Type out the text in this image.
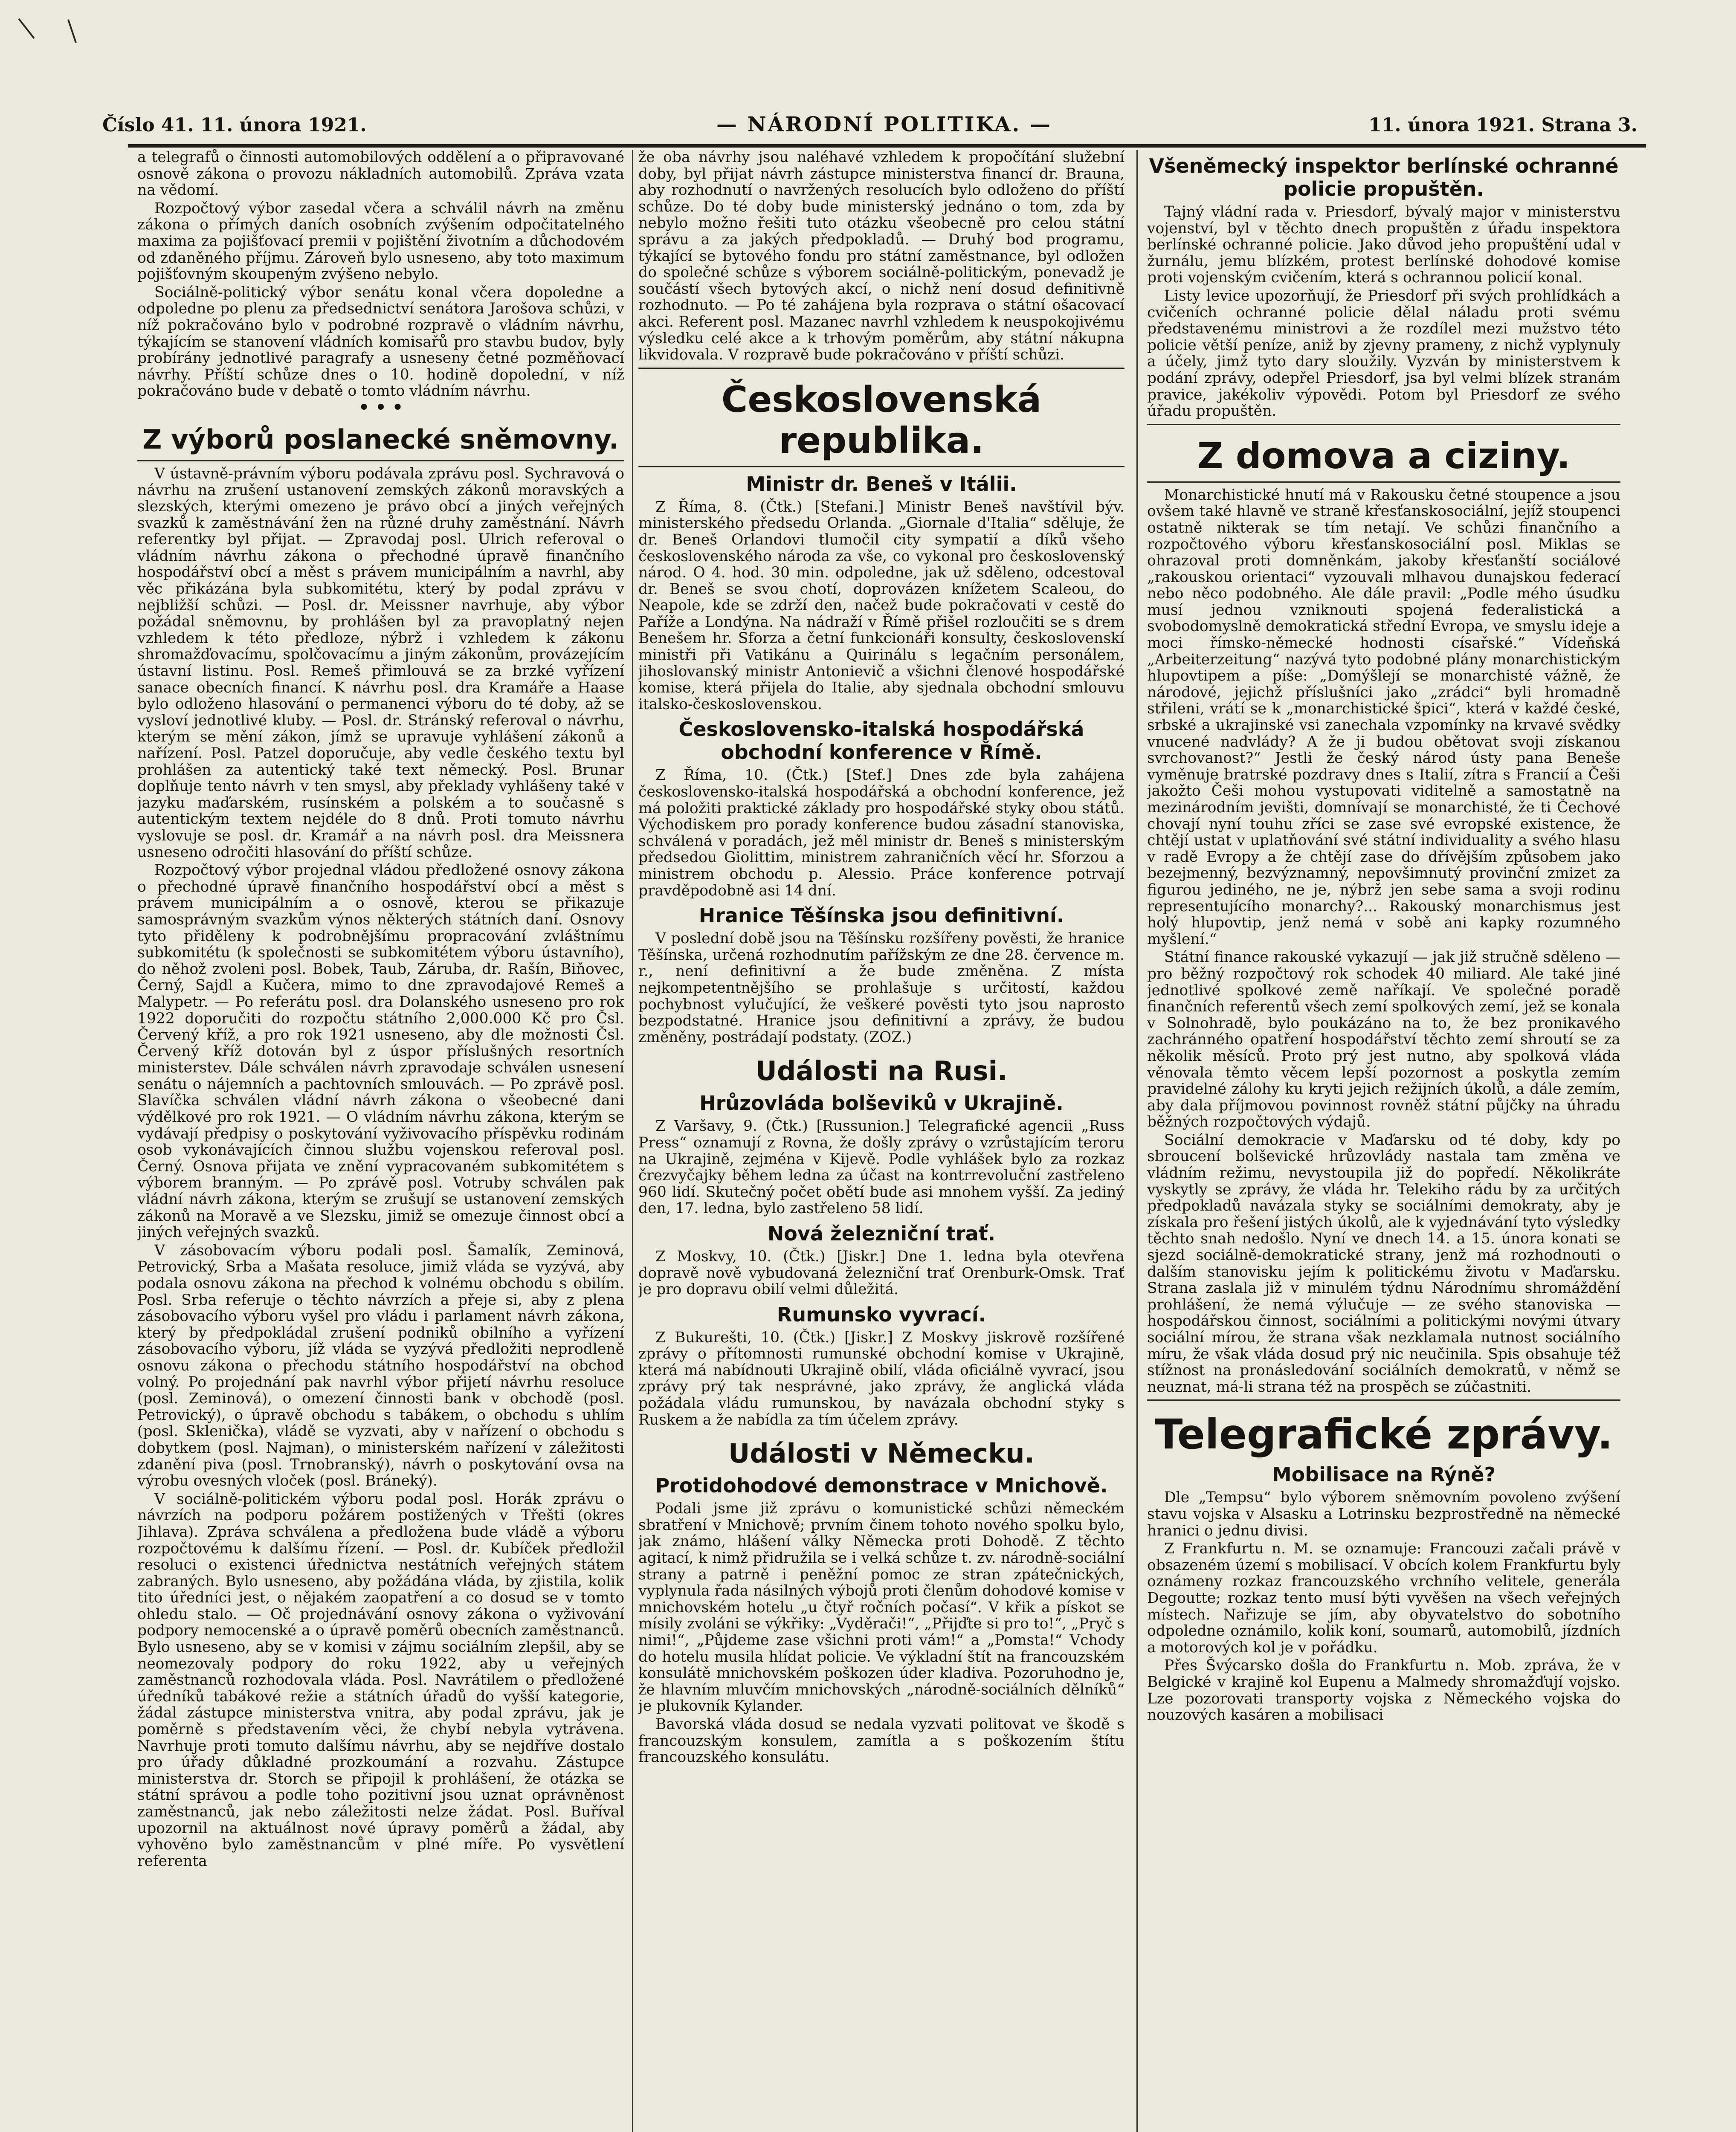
Číslo 41. 11. února 1921.	— NÁRODNÍ POLITIKA. —	11. února 1921. Strana 3.

a telegrafů o činnosti automobilových oddělení a o připravované osnově zákona o provozu nákladních automobilů. Zpráva vzata na vědomí.

Rozpočtový výbor zasedal včera a schválil návrh na změnu zákona o přímých daních osobních zvýšením odpočitatelného maxima za pojišťovací premii v pojištění životním a důchodovém od zdaněného příjmu. Zároveň bylo usneseno, aby toto maximum pojišťovným skoupeným zvýšeno nebylo.

Sociálně-politický výbor senátu konal včera dopoledne a odpoledne po plenu za předsednictví senátora Jarošova schůzi, v níž pokračováno bylo v podrobné rozpravě o vládním návrhu, týkajícím se stanovení vládních komisařů pro stavbu budov, byly probírány jednotlivé paragrafy a usneseny četné pozměňovací návrhy. Příští schůze dnes o 10. hodině dopolední, v níž pokračováno bude v debatě o tomto vládním návrhu.

• • •
Z výborů poslanecké sněmovny.

V ústavně-právním výboru podávala zprávu posl. Sychravová o návrhu na zrušení ustanovení zemských zákonů moravských a slezských, kterými omezeno je právo obcí a jiných veřejných svazků k zaměstnávání žen na různé druhy zaměstnání. Návrh referentky byl přijat. — Zpravodaj posl. Ulrich referoval o vládním návrhu zákona o přechodné úpravě finančního hospodářství obcí a měst s právem municipálním a navrhl, aby věc přikázána byla subkomitétu, který by podal zprávu v nejbližší schůzi. — Posl. dr. Meissner navrhuje, aby výbor požádal sněmovnu, by prohlášen byl za pravoplatný nejen vzhledem k této předloze, nýbrž i vzhledem k zákonu shromažďovacímu, spolčovacímu a jiným zákonům, provázejícím ústavní listinu. Posl. Remeš přimlouvá se za brzké vyřízení sanace obecních financí. K návrhu posl. dra Kramáře a Haase bylo odloženo hlasování o permanenci výboru do té doby, až se vysloví jednotlivé kluby. — Posl. dr. Stránský referoval o návrhu, kterým se mění zákon, jímž se upravuje vyhlášení zákonů a nařízení. Posl. Patzel doporučuje, aby vedle českého textu byl prohlášen za autentický také text německý. Posl. Brunar doplňuje tento návrh v ten smysl, aby překlady vyhlášeny také v jazyku maďarském, rusínském a polském a to současně s autentickým textem nejdéle do 8 dnů. Proti tomuto návrhu vyslovuje se posl. dr. Kramář a na návrh posl. dra Meissnera usneseno odročiti hlasování do příští schůze.

Rozpočtový výbor projednal vládou předložené osnovy zákona o přechodné úpravě finančního hospodářství obcí a měst s právem municipálním a o osnově, kterou se přikazuje samosprávným svazkům výnos některých státních daní. Osnovy tyto přiděleny k podrobnějšímu propracování zvláštnímu subkomitétu (k společnosti se subkomitétem výboru ústavního), do něhož zvoleni posl. Bobek, Taub, Záruba, dr. Rašín, Biňovec, Černý, Sajdl a Kučera, mimo to dne zpravodajové Remeš a Malypetr. — Po referátu posl. dra Dolanského usneseno pro rok 1922 doporučiti do rozpočtu státního 2,000.000 Kč pro Čsl. Červený kříž, a pro rok 1921 usneseno, aby dle možnosti Čsl. Červený kříž dotován byl z úspor příslušných resortních ministerstev. Dále schválen návrh zpravodaje schválen usnesení senátu o nájemních a pachtovních smlouvách. — Po zprávě posl. Slavíčka schválen vládní návrh zákona o všeobecné dani výdělkové pro rok 1921. — O vládním návrhu zákona, kterým se vydávají předpisy o poskytování vyživovacího příspěvku rodinám osob vykonávajících činnou službu vojenskou referoval posl. Černý. Osnova přijata ve znění vypracovaném subkomitétem s výborem branným. — Po zprávě posl. Votruby schválen pak vládní návrh zákona, kterým se zrušují se ustanovení zemských zákonů na Moravě a ve Slezsku, jimiž se omezuje činnost obcí a jiných veřejných svazků.

V zásobovacím výboru podali posl. Šamalík, Zeminová, Petrovický, Srba a Mašata resoluce, jimiž vláda se vyzývá, aby podala osnovu zákona na přechod k volnému obchodu s obilím. Posl. Srba referuje o těchto návrzích a přeje si, aby z plena zásobovacího výboru vyšel pro vládu i parlament návrh zákona, který by předpokládal zrušení podniků obilního a vyřízení zásobovacího výboru, jíž vláda se vyzývá předložiti neprodleně osnovu zákona o přechodu státního hospodářství na obchod volný. Po projednání pak navrhl výbor přijetí návrhu resoluce (posl. Zeminová), o omezení činnosti bank v obchodě (posl. Petrovický), o úpravě obchodu s tabákem, o obchodu s uhlím (posl. Sklenička), vládě se vyzvati, aby v nařízení o obchodu s dobytkem (posl. Najman), o ministerském nařízení v záležitosti zdanění piva (posl. Trnobranský), návrh o poskytování ovsa na výrobu ovesných vloček (posl. Bráneký).

V sociálně-politickém výboru podal posl. Horák zprávu o návrzích na podporu požárem postižených v Třešti (okres Jihlava). Zpráva schválena a předložena bude vládě a výboru rozpočtovému k dalšímu řízení. — Posl. dr. Kubíček předložil resoluci o existenci úřednictva nestátních veřejných státem zabraných. Bylo usneseno, aby požádána vláda, by zjistila, kolik tito úředníci jest, o nějakém zaopatření a co dosud se v tomto ohledu stalo. — Oč projednávání osnovy zákona o vyživování podpory nemocenské a o úpravě poměrů obecních zaměstnanců. Bylo usneseno, aby se v komisi v zájmu sociálním zlepšil, aby se neomezovaly podpory do roku 1922, aby u veřejných zaměstnanců rozhodovala vláda. Posl. Navrátilem o předložené úředníků tabákové režie a státních úřadů do vyšší kategorie, žádal zástupce ministerstva vnitra, aby podal zprávu, jak je poměrně s představením věci, že chybí nebyla vytrávena. Navrhuje proti tomuto dalšímu návrhu, aby se nejdříve dostalo pro úřady důkladné prozkoumání a rozvahu. Zástupce ministerstva dr. Storch se připojil k prohlášení, že otázka se státní správou a podle toho pozitivní jsou uznat oprávněnost zaměstnanců, jak nebo záležitosti nelze žádat. Posl. Buříval upozornil na aktuálnost nové úpravy poměrů a žádal, aby vyhověno bylo zaměstnancům v plné míře. Po vysvětlení referenta

že oba návrhy jsou naléhavé vzhledem k propočítání služební doby, byl přijat návrh zástupce ministerstva financí dr. Brauna, aby rozhodnutí o navržených resolucích bylo odloženo do příští schůze. Do té doby bude ministerský jednáno o tom, zda by nebylo možno řešiti tuto otázku všeobecně pro celou státní správu a za jakých předpokladů. — Druhý bod programu, týkající se bytového fondu pro státní zaměstnance, byl odložen do společné schůze s výborem sociálně-politickým, ponevadž je součástí všech bytových akcí, o nichž není dosud definitivně rozhodnuto. — Po té zahájena byla rozprava o státní ošacovací akci. Referent posl. Mazanec navrhl vzhledem k neuspokojivému výsledku celé akce a k trhovým poměrům, aby státní nákupna likvidovala. V rozpravě bude pokračováno v příští schůzi.

Československá republika.
Ministr dr. Beneš v Itálii.

Z Říma, 8. (Čtk.) [Stefani.] Ministr Beneš navštívil býv. ministerského předsedu Orlanda. „Giornale d'Italia“ sděluje, že dr. Beneš Orlandovi tlumočil city sympatií a díků všeho československého národa za vše, co vykonal pro československý národ. O 4. hod. 30 min. odpoledne, jak už sděleno, odcestoval dr. Beneš se svou chotí, doprovázen knížetem Scaleou, do Neapole, kde se zdrží den, načež bude pokračovati v cestě do Paříže a Londýna. Na nádraží v Římě přišel rozloučiti se s drem Benešem hr. Sforza a četní funkcionáři konsulty, československí ministři při Vatikánu a Quirinálu s legačním personálem, jihoslovanský ministr Antonievič a všichni členové hospodářské komise, která přijela do Italie, aby sjednala obchodní smlouvu italsko-československou.

Československo-italská hospodářská obchodní konference v Římě.

Z Říma, 10. (Čtk.) [Stef.] Dnes zde byla zahájena československo-italská hospodářská a obchodní konference, jež má položiti praktické základy pro hospodářské styky obou států. Východiskem pro porady konference budou zásadní stanoviska, schválená v poradách, jež měl ministr dr. Beneš s ministerským předsedou Giolittim, ministrem zahraničních věcí hr. Sforzou a ministrem obchodu p. Alessio. Práce konference potrvají pravděpodobně asi 14 dní.

Hranice Těšínska jsou definitivní.

V poslední době jsou na Těšínsku rozšířeny pověsti, že hranice Těšínska, určená rozhodnutím pařížským ze dne 28. července m. r., není definitivní a že bude změněna. Z místa nejkompetentnějšího se prohlašuje s určitostí, každou pochybnost vylučující, že veškeré pověsti tyto jsou naprosto bezpodstatné. Hranice jsou definitivní a zprávy, že budou změněny, postrádají podstaty. (ZOZ.)

Události na Rusi.
Hrůzovláda bolševiků v Ukrajině.

Z Varšavy, 9. (Čtk.) [Russunion.] Telegrafické agencii „Russ Press“ oznamují z Rovna, že došly zprávy o vzrůstajícím teroru na Ukrajině, zejména v Kijevě. Podle vyhlášek bylo za rozkaz črezvyčajky během ledna za účast na kontrrevoluční zastřeleno 960 lidí. Skutečný počet obětí bude asi mnohem vyšší. Za jediný den, 17. ledna, bylo zastřeleno 58 lidí.

Nová železniční trať.

Z Moskvy, 10. (Čtk.) [Jiskr.] Dne 1. ledna byla otevřena dopravě nově vybudovaná železniční trať Orenburk-Omsk. Trať je pro dopravu obilí velmi důležitá.

Rumunsko vyvrací.

Z Bukurešti, 10. (Čtk.) [Jiskr.] Z Moskvy jiskrově rozšířené zprávy o přítomnosti rumunské obchodní komise v Ukrajině, která má nabídnouti Ukrajině obilí, vláda oficiálně vyvrací, jsou zprávy prý tak nesprávné, jako zprávy, že anglická vláda požádala vládu rumunskou, by navázala obchodní styky s Ruskem a že nabídla za tím účelem zprávy.

Události v Německu.
Protidohodové demonstrace v Mnichově.

Podali jsme již zprávu o komunistické schůzi německém sbratření v Mnichově; prvním činem tohoto nového spolku bylo, jak známo, hlášení války Německa proti Dohodě. Z těchto agitací, k nimž přidružila se i velká schůze t. zv. národně-sociální strany a patrně i peněžní pomoc ze stran zpátečnických, vyplynula řada násilných výbojů proti členům dohodové komise v mnichovském hotelu „u čtyř ročních počasí“. V křik a pískot se mísily zvoláni se výkřiky: „Vyděrači!“, „Přijďte si pro to!“, „Pryč s nimi!“, „Půjdeme zase všichni proti vám!“ a „Pomsta!“ Vchody do hotelu musila hlídat policie. Ve výkladní štít na francouzském konsulátě mnichovském poškozen úder kladiva. Pozoruhodno je, že hlavním mluvčím mnichovských „národně-sociálních dělníků“ je plukovník Kylander.

Bavorská vláda dosud se nedala vyzvati politovat ve škodě s francouzským konsulem, zamítla a s poškozením štítu francouzského konsulátu.

Všeněmecký inspektor berlínské ochranné policie propuštěn.

Tajný vládní rada v. Priesdorf, bývalý major v ministerstvu vojenství, byl v těchto dnech propuštěn z úřadu inspektora berlínské ochranné policie. Jako důvod jeho propuštění udal v žurnálu, jemu blízkém, protest berlínské dohodové komise proti vojenským cvičením, která s ochrannou policií konal.

Listy levice upozorňují, že Priesdorf při svých prohlídkách a cvičeních ochranné policie dělal náladu proti svému představenému ministrovi a že rozdílel mezi mužstvo této policie větší peníze, aniž by zjevny prameny, z nichž vyplynuly a účely, jimž tyto dary sloužily. Vyzván by ministerstvem k podání zprávy, odepřel Priesdorf, jsa byl velmi blízek stranám pravice, jakékoliv výpovědi. Potom byl Priesdorf ze svého úřadu propuštěn.

Z domova a ciziny.

Monarchistické hnutí má v Rakousku četné stoupence a jsou ovšem také hlavně ve straně křesťanskosociální, jejíž stoupenci ostatně nikterak se tím netají. Ve schůzi finančního a rozpočtového výboru křesťanskosociální posl. Miklas se ohrazoval proti domněnkám, jakoby křesťanští sociálové „rakouskou orientaci“ vyzouvali mlhavou dunajskou federací nebo něco podobného. Ale dále pravil: „Podle mého úsudku musí jednou vzniknouti spojená federalistická a svobodomyslně demokratická střední Evropa, ve smyslu ideje a moci římsko-německé hodnosti císařské.“ Vídeňská „Arbeiterzeitung“ nazývá tyto podobné plány monarchistickým hlupovtipem a píše: „Domýšlejí se monarchisté vážně, že národové, jejichž příslušníci jako „zrádci“ byli hromadně střileni, vrátí se k „monarchistické špici“, která v každé české, srbské a ukrajinské vsi zanechala vzpomínky na krvavé svědky vnucené nadvlády? A že ji budou obětovat svoji získanou svrchovanost?“ Jestli že český národ ústy pana Beneše vyměnuje bratrské pozdravy dnes s Italií, zítra s Francií a Češi jakožto Češi mohou vystupovati viditelně a samostatně na mezinárodním jevišti, domnívají se monarchisté, že ti Čechové chovají nyní touhu zříci se zase své evropské existence, že chtějí ustat v uplatňování své státní individuality a svého hlasu v radě Evropy a že chtějí zase do dřívějším způsobem jako bezejmenný, bezvýznamný, nepovšimnutý provinční zmizet za figurou jediného, ne je, nýbrž jen sebe sama a svoji rodinu representujícího monarchy?... Rakouský monarchismus jest holý hlupovtip, jenž nemá v sobě ani kapky rozumného myšlení.“

Státní finance rakouské vykazují — jak již stručně sděleno — pro běžný rozpočtový rok schodek 40 miliard. Ale také jiné jednotlivé spolkové země naříkají. Ve společné poradě finančních referentů všech zemí spolkových zemí, jež se konala v Solnohradě, bylo poukázáno na to, že bez pronikavého zachránného opatření hospodářství těchto zemí shroutí se za několik měsíců. Proto prý jest nutno, aby spolková vláda věnovala těmto věcem lepší pozornost a poskytla zemím pravidelné zálohy ku kryti jejich režijních úkolů, a dále zemím, aby dala příjmovou povinnost rovněž státní půjčky na úhradu běžných rozpočtových výdajů.

Sociální demokracie v Maďarsku od té doby, kdy po sbroucení bolševické hrůzovlády nastala tam změna ve vládním režimu, nevystoupila již do popředí. Několikráte vyskytly se zprávy, že vláda hr. Telekiho rádu by za určitých předpokladů navázala styky se sociálními demokraty, aby je získala pro řešení jistých úkolů, ale k vyjednávání tyto výsledky těchto snah nedošlo. Nyní ve dnech 14. a 15. února konati se sjezd sociálně-demokratické strany, jenž má rozhodnouti o dalším stanovisku jejím k politickému životu v Maďarsku. Strana zaslala již v minulém týdnu Národnímu shromáždění prohlášení, že nemá výlučuje — ze svého stanoviska — hospodářskou činnost, sociálními a politickými novými útvary sociální mírou, že strana však nezklamala nutnost sociálního míru, že však vláda dosud prý nic neučinila. Spis obsahuje též stížnost na pronásledování sociálních demokratů, v němž se neuznat, má-li strana též na prospěch se zúčastniti.

Telegrafické zprávy.
Mobilisace na Rýně?

Dle „Tempsu“ bylo výborem sněmovním povoleno zvýšení stavu vojska v Alsasku a Lotrinsku bezprostředně na německé hranici o jednu divisi.

Z Frankfurtu n. M. se oznamuje: Francouzi začali právě v obsazeném území s mobilisací. V obcích kolem Frankfurtu byly oznámeny rozkaz francouzského vrchního velitele, generála Degoutte; rozkaz tento musí býti vyvěšen na všech veřejných místech. Nařizuje se jím, aby obyvatelstvo do sobotního odpoledne oznámilo, kolik koní, soumarů, automobilů, jízdních a motorových kol je v pořádku.

Přes Švýcarsko došla do Frankfurtu n. Mob. zpráva, že v Belgické v krajině kol Eupenu a Malmedy shromažďují vojsko. Lze pozorovati transporty vojska z Německého vojska do nouzových kasáren a mobilisaci
